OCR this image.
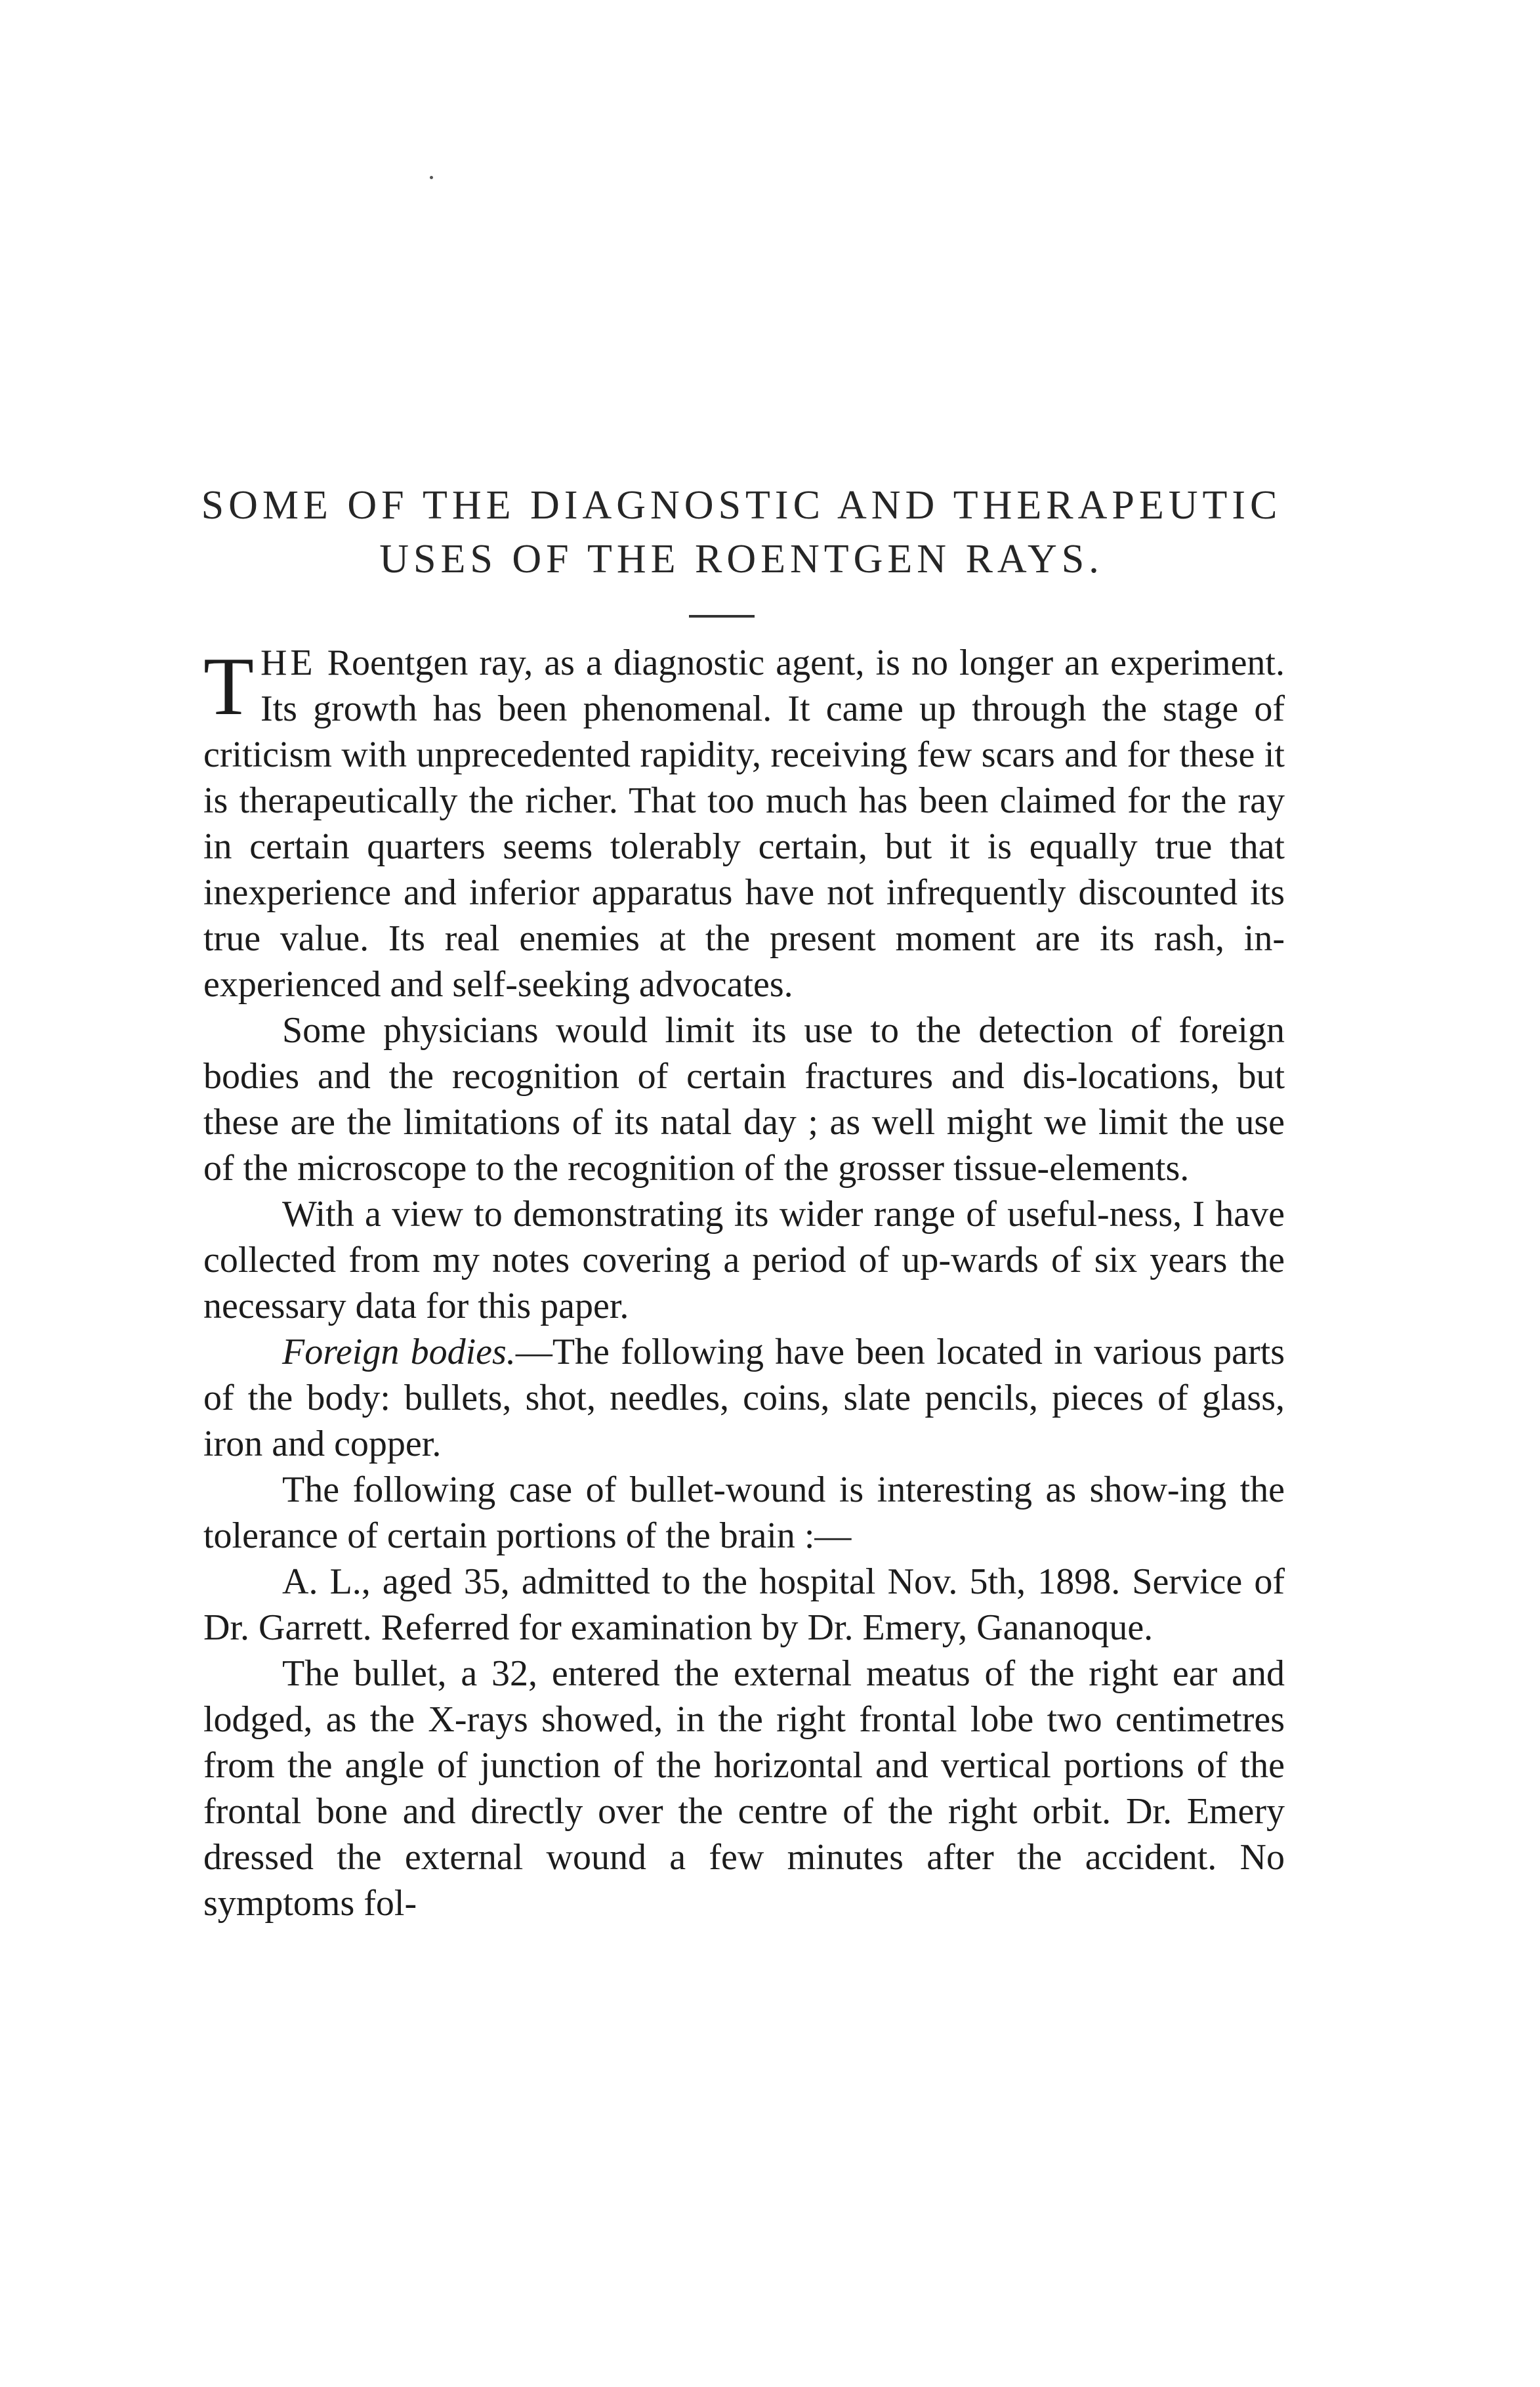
SOME OF THE DIAGNOSTIC AND THERAPEUTIC
USES OF THE ROENTGEN RAYS.

THE Roentgen ray, as a diagnostic agent, is no longer an experiment. Its growth has been phenomenal. It came up through the stage of criticism with unprecedented rapidity, receiving few scars and for these it is therapeutically the richer. That too much has been claimed for the ray in certain quarters seems tolerably certain, but it is equally true that inexperience and inferior apparatus have not infrequently discounted its true value. Its real enemies at the present moment are its rash, in-experienced and self-seeking advocates.

Some physicians would limit its use to the detection of foreign bodies and the recognition of certain fractures and dis-locations, but these are the limitations of its natal day ; as well might we limit the use of the microscope to the recognition of the grosser tissue-elements.

With a view to demonstrating its wider range of useful-ness, I have collected from my notes covering a period of up-wards of six years the necessary data for this paper.

Foreign bodies.—The following have been located in various parts of the body: bullets, shot, needles, coins, slate pencils, pieces of glass, iron and copper.

The following case of bullet-wound is interesting as show-ing the tolerance of certain portions of the brain :—

A. L., aged 35, admitted to the hospital Nov. 5th, 1898. Service of Dr. Garrett. Referred for examination by Dr. Emery, Gananoque.

The bullet, a 32, entered the external meatus of the right ear and lodged, as the X-rays showed, in the right frontal lobe two centimetres from the angle of junction of the horizontal and vertical portions of the frontal bone and directly over the centre of the right orbit. Dr. Emery dressed the external wound a few minutes after the accident. No symptoms fol-
